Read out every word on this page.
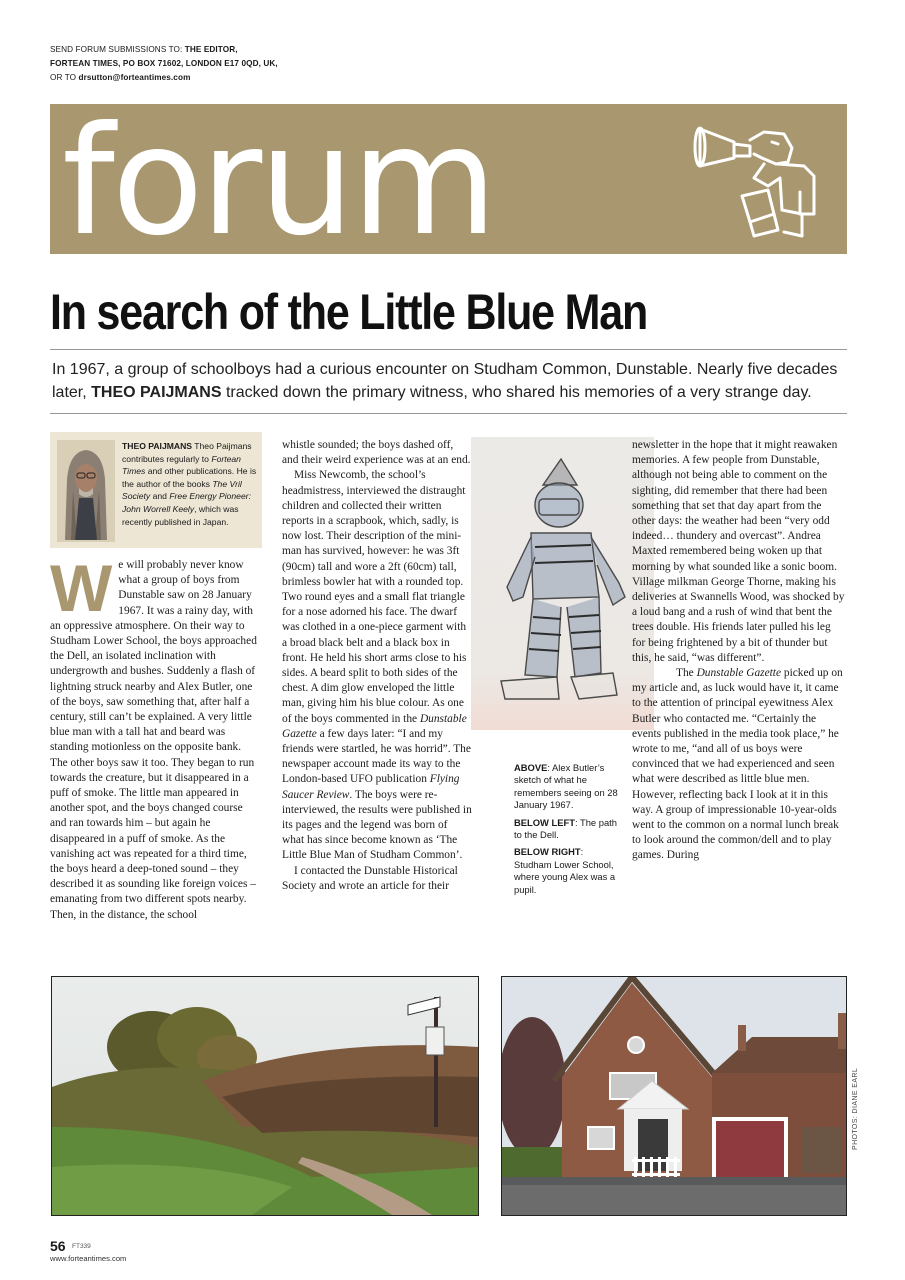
SEND FORUM SUBMISSIONS TO: THE EDITOR,
FORTEAN TIMES, PO BOX 71602, LONDON E17 0QD, UK,
OR TO drsutton@forteantimes.com
forum
In search of the Little Blue Man
In 1967, a group of schoolboys had a curious encounter on Studham Common, Dunstable. Nearly five decades later, THEO PAIJMANS tracked down the primary witness, who shared his memories of a very strange day.
THEO PAIJMANS Theo Paijmans contributes regularly to Fortean Times and other publications. He is the author of the books The Vril Society and Free Energy Pioneer: John Worrell Keely, which was recently published in Japan.

We will probably never know what a group of boys from Dunstable saw on 28 January 1967. It was a rainy day, with an oppressive atmosphere. On their way to Studham Lower School, the boys approached the Dell, an isolated inclination with undergrowth and bushes. Suddenly a flash of lightning struck nearby and Alex Butler, one of the boys, saw something that, after half a century, still can’t be explained. A very little blue man with a tall hat and beard was standing motionless on the opposite bank. The other boys saw it too. They began to run towards the creature, but it disappeared in a puff of smoke. The little man appeared in another spot, and the boys changed course and ran towards him – but again he disappeared in a puff of smoke. As the vanishing act was repeated for a third time, the boys heard a deep-toned sound – they described it as sounding like foreign voices – emanating from two different spots nearby. Then, in the distance, the school

whistle sounded; the boys dashed off, and their weird experience was at an end.

Miss Newcomb, the school’s headmistress, interviewed the distraught children and collected their written reports in a scrapbook, which, sadly, is now lost. Their description of the mini-man has survived, however: he was 3ft (90cm) tall and wore a 2ft (60cm) tall, brimless bowler hat with a rounded top. Two round eyes and a small flat triangle for a nose adorned his face. The dwarf was clothed in a one-piece garment with a broad black belt and a black box in front. He held his short arms close to his sides. A beard split to both sides of the chest. A dim glow enveloped the little man, giving him his blue colour. As one of the boys commented in the Dunstable Gazette a few days later: “I and my friends were startled, he was horrid”. The newspaper account made its way to the London-based UFO publication Flying Saucer Review. The boys were re-interviewed, the results were published in its pages and the legend was born of what has since become known as ‘The Little Blue Man of Studham Common’.

I contacted the Dunstable Historical Society and wrote an article for their

ABOVE: Alex Butler’s sketch of what he remembers seeing on 28 January 1967.

BELOW LEFT: The path to the Dell.

BELOW RIGHT: Studham Lower School, where young Alex was a pupil.

newsletter in the hope that it might reawaken memories. A few people from Dunstable, although not being able to comment on the sighting, did remember that there had been something that set that day apart from the other days: the weather had been “very odd indeed… thundery and overcast”. Andrea Maxted remembered being woken up that morning by what sounded like a sonic boom. Village milkman George Thorne, making his deliveries at Swannells Wood, was shocked by a loud bang and a rush of wind that bent the trees double. His friends later pulled his leg for being frightened by a bit of thunder but this, he said, “was different”.

The Dunstable Gazette picked up on my article and, as luck would have it, it came to the attention of principal eyewitness Alex Butler who contacted me. “Certainly the events published in the media took place,” he wrote to me, “and all of us boys were convinced that we had experienced and seen what were described as little blue men. However, reflecting back I look at it in this way. A group of impressionable 10-year-olds went to the common on a normal lunch break to look around the common/dell and to play games. During

PHOTOS: DIANE EARL
56 FT339
www.forteantimes.com
